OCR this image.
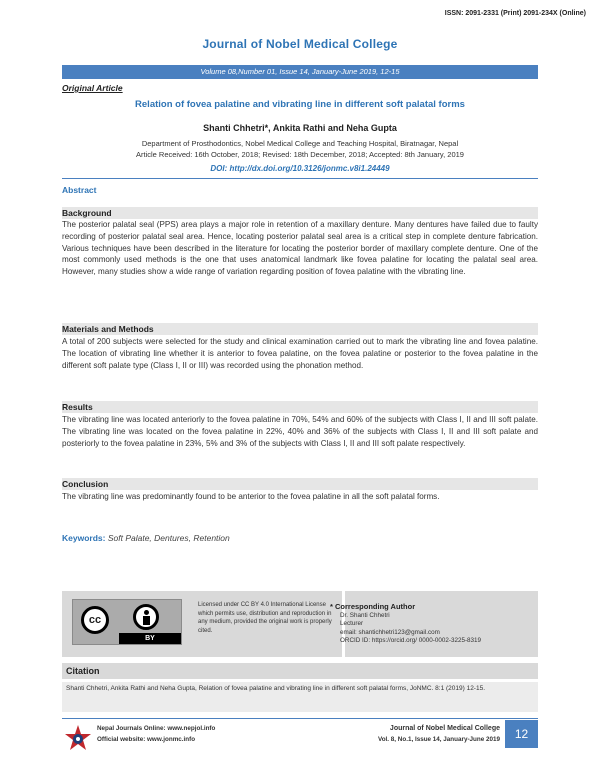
ISSN: 2091-2331 (Print) 2091-234X (Online)
Journal of Nobel Medical College
Volume 08,Number 01, Issue 14, January-June 2019, 12-15
Original Article
Relation of fovea palatine and vibrating line in different soft palatal forms
Shanti Chhetri*, Ankita Rathi and Neha Gupta
Department of Prosthodontics, Nobel Medical College and Teaching Hospital, Biratnagar, Nepal
Article Received: 16th October, 2018; Revised: 18th December, 2018; Accepted: 8th January, 2019
DOI: http://dx.doi.org/10.3126/jonmc.v8i1.24449
Abstract
Background
The posterior palatal seal (PPS) area plays a major role in retention of a maxillary denture. Many dentures have failed due to faulty recording of posterior palatal seal area. Hence, locating posterior palatal seal area is a critical step in complete denture fabrication. Various techniques have been described in the literature for locating the posterior border of maxillary complete denture. One of the most commonly used methods is the one that uses anatomical landmark like fovea palatine for locating the palatal seal area. However, many studies show a wide range of variation regarding position of fovea palatine with the vibrating line.
Materials and Methods
A total of 200 subjects were selected for the study and clinical examination carried out to mark the vibrating line and fovea palatine. The location of vibrating line whether it is anterior to fovea palatine, on the fovea palatine or posterior to the fovea palatine in the different soft palate type (Class I, II or III) was recorded using the phonation method.
Results
The vibrating line was located anteriorly to the fovea palatine in 70%, 54% and 60% of the subjects with Class I, II and III soft palate. The vibrating line was located on the fovea palatine in 22%, 40% and 36% of the subjects with Class I, II and III soft palate and posteriorly to the fovea palatine in 23%, 5% and 3% of the subjects with Class I, II and III soft palate respectively.
Conclusion
The vibrating line was predominantly found to be anterior to the fovea palatine in all the soft palatal forms.
Keywords: Soft Palate, Dentures, Retention
cc
BY
Licensed under CC BY 4.0 International License which permits use, distribution and reproduction in any medium, provided the original work is properly cited.
* Corresponding Author
Dr. Shanti Chhetri
Lecturer
email: shantichhetri123@gmail.com
ORCID ID: https://orcid.org/ 0000-0002-3225-8319
Citation
Shanti Chhetri, Ankita Rathi and Neha Gupta, Relation of fovea palatine and vibrating line in different soft palatal forms, JoNMC. 8:1 (2019) 12-15.
Nepal Journals Online: www.nepjol.info
Official website: www.jonmc.info
Journal of Nobel Medical College
Vol. 8, No.1, Issue 14, January-June 2019	12
